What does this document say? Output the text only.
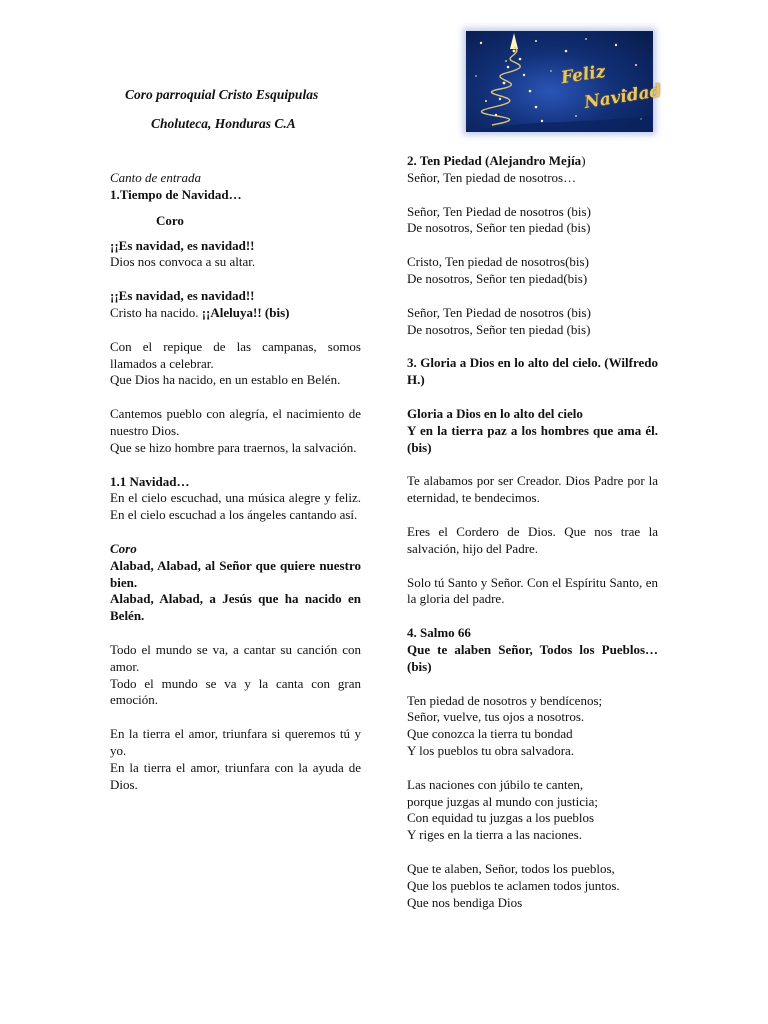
Coro parroquial Cristo Esquipulas
Choluteca, Honduras C.A
Feliz
Navidad

Canto de entrada

1.Tiempo de Navidad…

Coro

¡¡Es navidad, es navidad!!

Dios nos convoca a su altar.

¡¡Es navidad, es navidad!!

Cristo ha nacido. ¡¡Aleluya!! (bis)

Con el repique de las campanas, somos llamados a celebrar.

Que Dios ha nacido, en un establo en Belén.

Cantemos pueblo con alegría, el nacimiento de nuestro Dios.

Que se hizo hombre para traernos, la salvación.

1.1 Navidad…

En el cielo escuchad, una música alegre y feliz. En el cielo escuchad a los ángeles cantando así.

Coro

Alabad, Alabad, al Señor que quiere nuestro bien.

Alabad, Alabad, a Jesús que ha nacido en Belén.

Todo el mundo se va, a cantar su canción con amor.

Todo el mundo se va y la canta con gran emoción.

En la tierra el amor, triunfara si queremos tú y yo.

En la tierra el amor, triunfara con la ayuda de Dios.

2. Ten Piedad (Alejandro Mejía)

Señor, Ten piedad de nosotros…

Señor, Ten Piedad de nosotros (bis)

De nosotros, Señor ten piedad (bis)

Cristo, Ten piedad de nosotros(bis)

De nosotros, Señor ten piedad(bis)

Señor, Ten Piedad de nosotros (bis)

De nosotros, Señor ten piedad (bis)

3. Gloria a Dios en lo alto del cielo. (Wilfredo H.)

Gloria a Dios en lo alto del cielo

Y en la tierra paz a los hombres que ama él. (bis)

Te alabamos por ser Creador. Dios Padre por la eternidad, te bendecimos.

Eres el Cordero de Dios. Que nos trae la salvación, hijo del Padre.

Solo tú Santo y Señor. Con el Espíritu Santo, en la gloria del padre.

4. Salmo 66

Que te alaben Señor, Todos los Pueblos… (bis)

Ten piedad de nosotros y bendícenos;

Señor, vuelve, tus ojos a nosotros.

Que conozca la tierra tu bondad

Y los pueblos tu obra salvadora.

Las naciones con júbilo te canten,

porque juzgas al mundo con justicia;

Con equidad tu juzgas a los pueblos

Y riges en la tierra a las naciones.

Que te alaben, Señor, todos los pueblos,

Que los pueblos te aclamen todos juntos.

Que nos bendiga Dios
